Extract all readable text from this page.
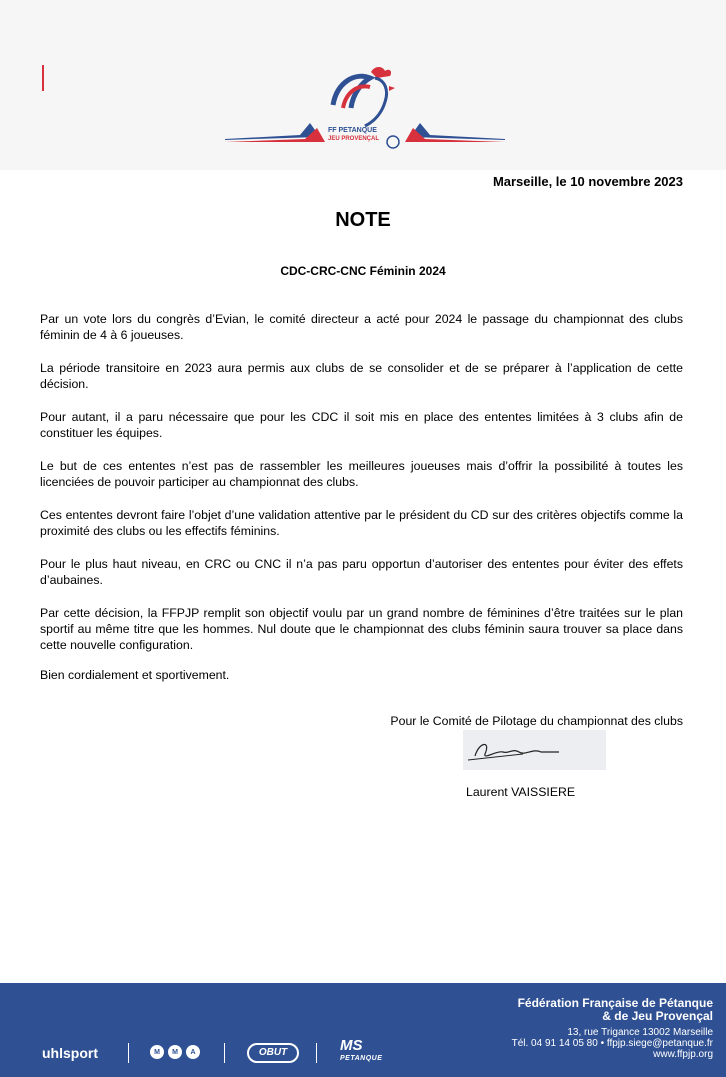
FF PETANQUE
JEU PROVENÇAL
Marseille, le 10 novembre 2023
NOTE
CDC-CRC-CNC Féminin 2024

Par un vote lors du congrès d’Evian, le comité directeur a acté pour 2024 le passage du championnat des clubs féminin de 4 à 6 joueuses.

La période transitoire en 2023 aura permis aux clubs de se consolider et de se préparer à l’application de cette décision.

Pour autant, il a paru nécessaire que pour les CDC il soit mis en place des ententes limitées à 3 clubs afin de constituer les équipes.

Le but de ces ententes n’est pas de rassembler les meilleures joueuses mais d’offrir la possibilité à toutes les licenciées de pouvoir participer au championnat des clubs.

Ces ententes devront faire l’objet d’une validation attentive par le président du CD sur des critères objectifs comme la proximité des clubs ou les effectifs féminins.

Pour le plus haut niveau, en CRC ou CNC il n’a pas paru opportun d’autoriser des ententes pour éviter des effets d’aubaines.

Par cette décision, la FFPJP remplit son objectif voulu par un grand nombre de féminines d’être traitées sur le plan sportif au même titre que les hommes. Nul doute que le championnat des clubs féminin saura trouver sa place dans cette nouvelle configuration.

Bien cordialement et sportivement.
Pour le Comité de Pilotage du championnat des clubs
Laurent VAISSIERE
uhlsport	M	M	A	OBUT	MS
PETANQUE
Fédération Française de Pétanque
& de Jeu Provençal
13, rue Trigance 13002 Marseille
Tél. 04 91 14 05 80 • ffpjp.siege@petanque.fr
www.ffpjp.org
